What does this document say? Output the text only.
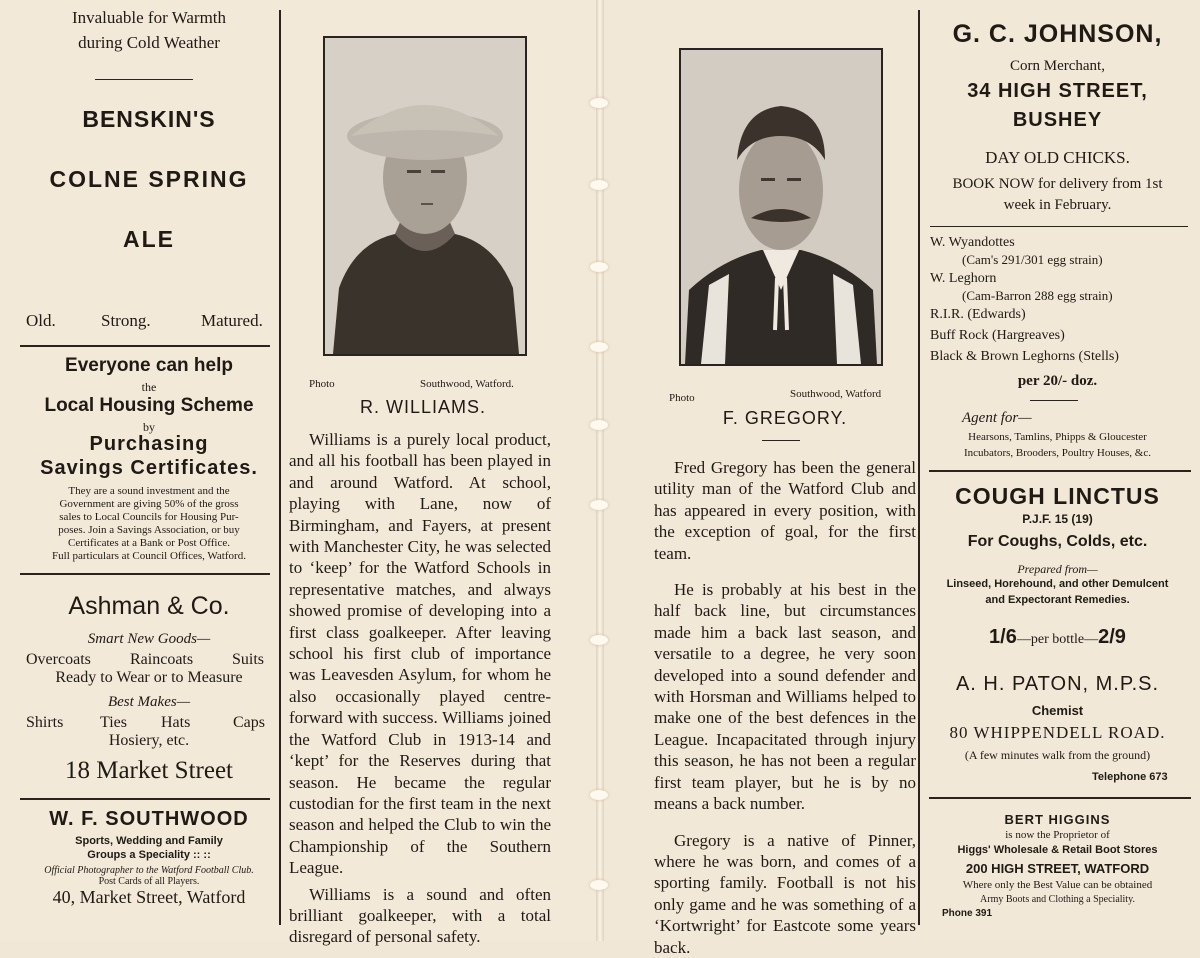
Invaluable for Warmth
during Cold Weather
BENSKIN'S
COLNE SPRING
ALE
Old.	Strong.	Matured.
Everyone can help
the
Local Housing Scheme
by
Purchasing
Savings Certificates.
They are a sound investment and the
Government are giving 50% of the gross
sales to Local Councils for Housing Pur-
poses. Join a Savings Association, or buy
Certificates at a Bank or Post Office.
Full particulars at Council Offices, Watford.
Ashman & Co.
Smart New Goods—
Overcoats Raincoats Suits
Ready to Wear or to Measure
Best Makes—
Shirts Ties Hats	Caps
Hosiery, etc.
18 Market Street
W. F. SOUTHWOOD
Sports, Wedding and Family
Groups a Speciality :: ::
Official Photographer to the Watford Football Club.
Post Cards of all Players.
40, Market Street, Watford
Photo	Southwood, Watford.
R. WILLIAMS.

Williams is a purely local product, and all his football has been played in and around Watford. At school, playing with Lane, now of Birmingham, and Fayers, at present with Manchester City, he was selected to ‘keep’ for the Watford Schools in representative matches, and always showed promise of developing into a first class goalkeeper. After leaving school his first club of importance was Leavesden Asylum, for whom he also occasionally played centre-forward with success. Williams joined the Watford Club in 1913-14 and ‘kept’ for the Reserves during that season. He became the regular custodian for the first team in the next season and helped the Club to win the Championship of the Southern League.

Williams is a sound and often brilliant goalkeeper, with a total disregard of personal safety.

Photo	Southwood, Watford
F. GREGORY.

Fred Gregory has been the general utility man of the Watford Club and has appeared in every position, with the exception of goal, for the first team.

He is probably at his best in the half back line, but circumstances made him a back last season, and versatile to a degree, he very soon developed into a sound defender and with Horsman and Williams helped to make one of the best defences in the League. Incapacitated through injury this season, he has not been a regular first team player, but he is by no means a back number.

Gregory is a native of Pinner, where he was born, and comes of a sporting family. Football is not his only game and he was something of a ‘Kortwright’ for Eastcote some years back.

G. C. JOHNSON,
Corn Merchant,
34 HIGH STREET,
BUSHEY
DAY OLD CHICKS.
BOOK NOW for delivery from 1st
week in February.
W. Wyandottes
(Cam's 291/301 egg strain)
W. Leghorn
(Cam-Barron 288 egg strain)
R.I.R. (Edwards)
Buff Rock (Hargreaves)
Black & Brown Leghorns (Stells)
per 20/- doz.
Agent for—
Hearsons, Tamlins, Phipps & Gloucester
Incubators, Brooders, Poultry Houses, &c.
COUGH LINCTUS
P.J.F. 15 (19)
For Coughs, Colds, etc.
Prepared from—
Linseed, Horehound, and other Demulcent
and Expectorant Remedies.
1/6—per bottle—2/9
A. H. PATON, M.P.S.
Chemist
80 WHIPPENDELL ROAD.
(A few minutes walk from the ground)
Telephone 673
BERT HIGGINS
is now the Proprietor of
Higgs' Wholesale & Retail Boot Stores
200 HIGH STREET, WATFORD
Where only the Best Value can be obtained
Army Boots and Clothing a Speciality.
Phone 391
